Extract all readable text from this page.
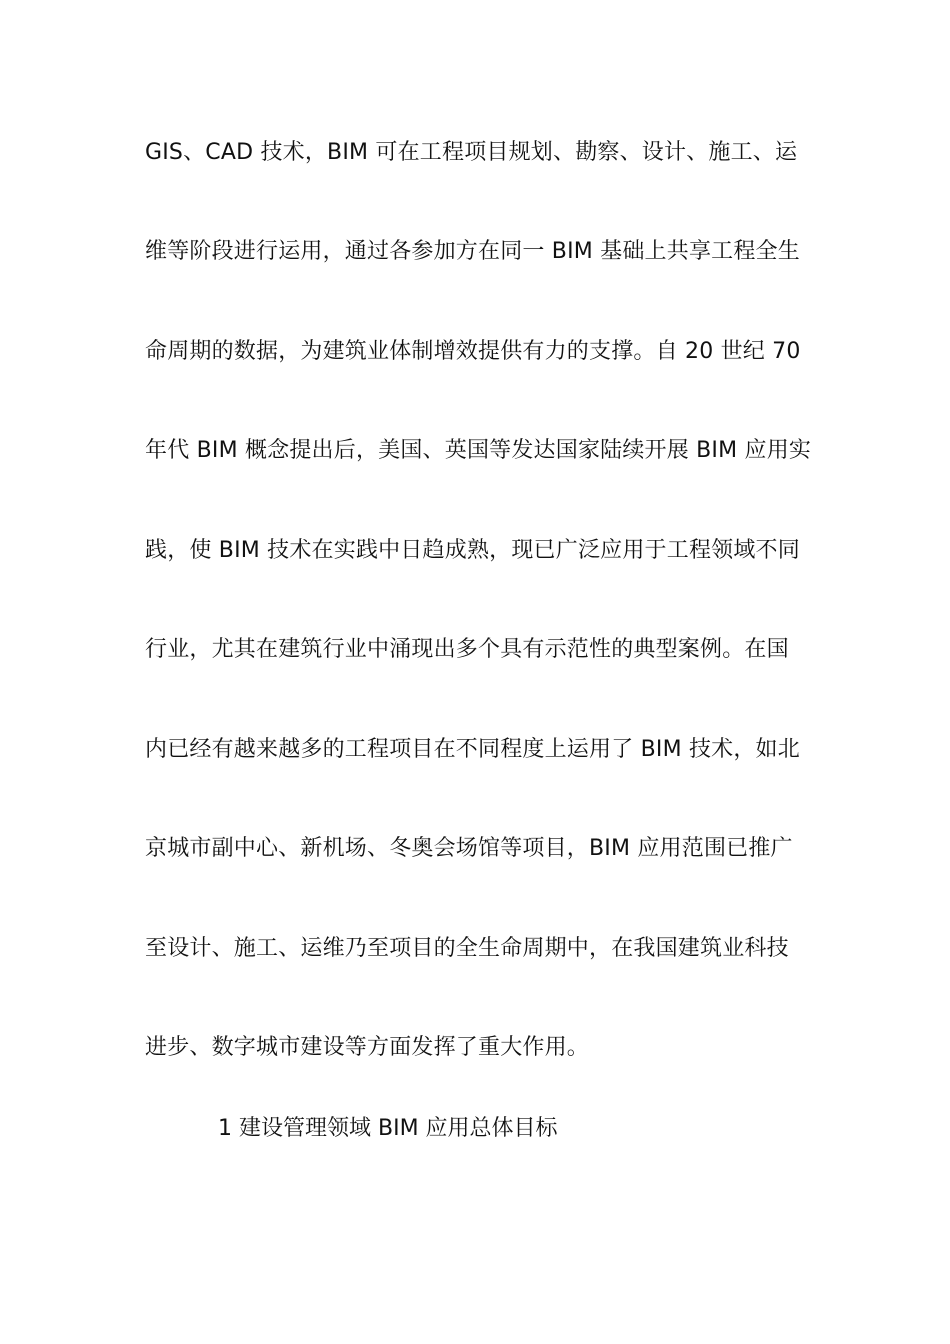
GIS、CAD 技术，BIM 可在工程项目规划、勘察、设计、施工、运
维等阶段进行运用，通过各参加方在同一 BIM 基础上共享工程全生
命周期的数据，为建筑业体制增效提供有力的支撑。自 20 世纪 70
年代 BIM 概念提出后，美国、英国等发达国家陆续开展 BIM 应用实
践，使 BIM 技术在实践中日趋成熟，现已广泛应用于工程领域不同
行业，尤其在建筑行业中涌现出多个具有示范性的典型案例。在国
内已经有越来越多的工程项目在不同程度上运用了 BIM 技术，如北
京城市副中心、新机场、冬奥会场馆等项目，BIM 应用范围已推广
至设计、施工、运维乃至项目的全生命周期中，在我国建筑业科技
进步、数字城市建设等方面发挥了重大作用。
1 建设管理领域 BIM 应用总体目标
